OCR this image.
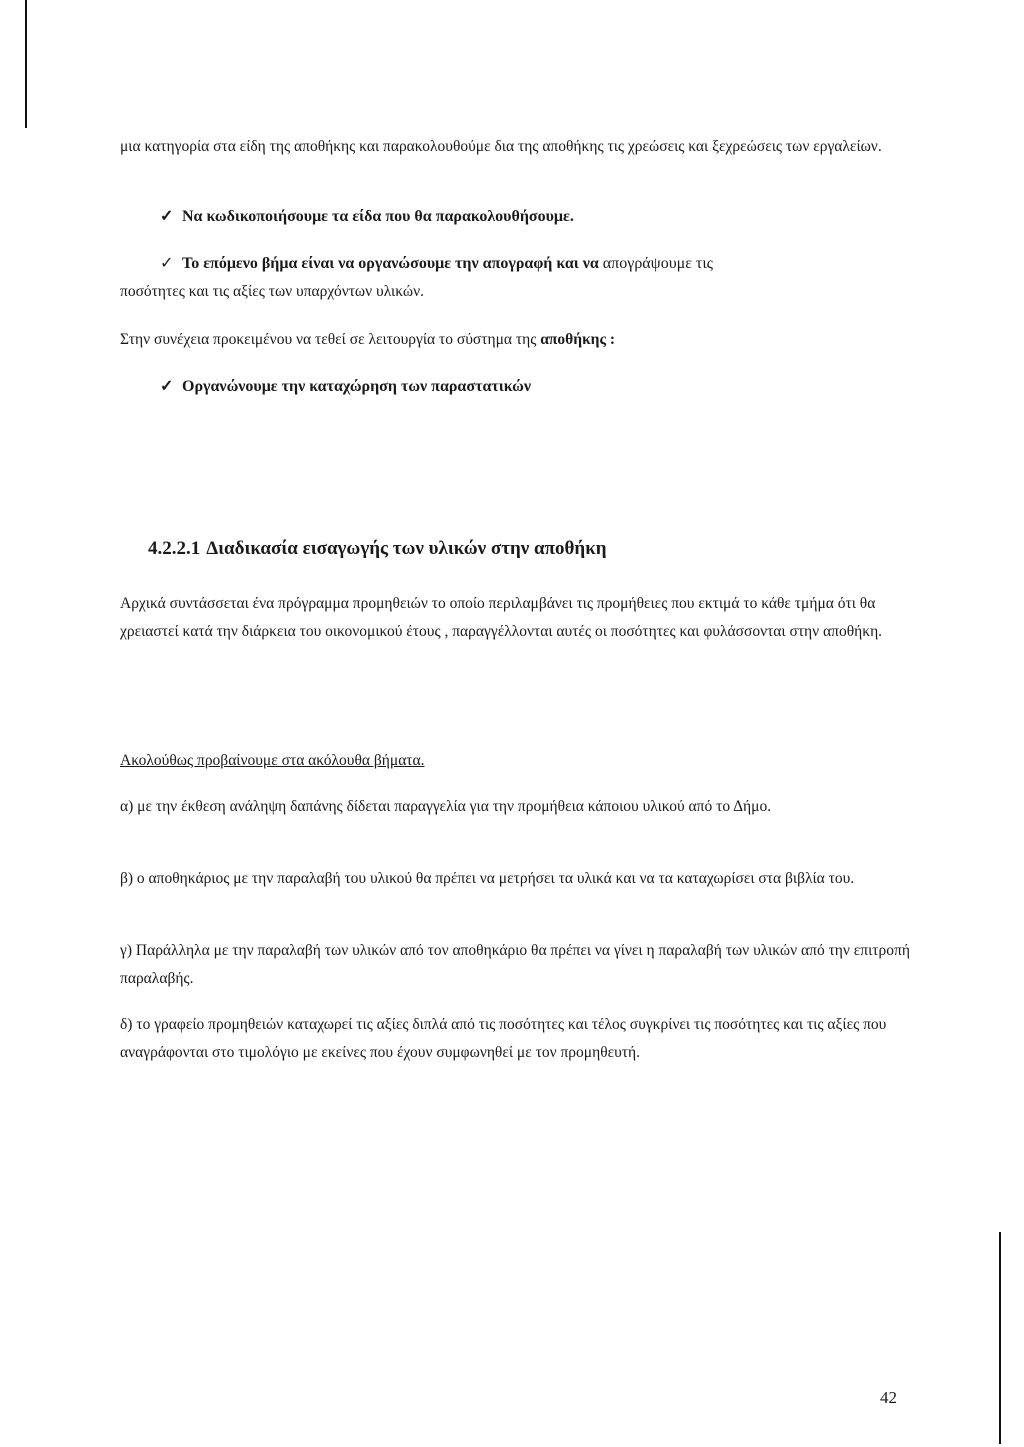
μια κατηγορία στα είδη της αποθήκης και παρακολουθούμε δια της αποθήκης τις χρεώσεις και ξεχρεώσεις των εργαλείων.

✓ Να κωδικοποιήσουμε τα είδα που θα παρακολουθήσουμε.

✓ Το επόμενο βήμα είναι να οργανώσουμε την απογραφή και να απογράψουμε τις

ποσότητες και τις αξίες των υπαρχόντων υλικών.

Στην συνέχεια προκειμένου να τεθεί σε λειτουργία το σύστημα της αποθήκης :

✓ Οργανώνουμε την καταχώρηση των παραστατικών

4.2.2.1 Διαδικασία εισαγωγής των υλικών στην αποθήκη

Αρχικά συντάσσεται ένα πρόγραμμα προμηθειών το οποίο περιλαμβάνει τις προμήθειες που εκτιμά το κάθε τμήμα ότι θα χρειαστεί κατά την διάρκεια του οικονομικού έτους , παραγγέλλονται αυτές οι ποσότητες και φυλάσσονται στην αποθήκη.

Ακολούθως προβαίνουμε στα ακόλουθα βήματα.

α) με την έκθεση ανάληψη δαπάνης δίδεται παραγγελία για την προμήθεια κάποιου υλικού από το Δήμο.

β) ο αποθηκάριος με την παραλαβή του υλικού θα πρέπει να μετρήσει τα υλικά και να τα καταχωρίσει στα βιβλία του.

γ) Παράλληλα με την παραλαβή των υλικών από τον αποθηκάριο θα πρέπει να γίνει η παραλαβή των υλικών από την επιτροπή παραλαβής.

δ) το γραφείο προμηθειών καταχωρεί τις αξίες διπλά από τις ποσότητες και τέλος συγκρίνει τις ποσότητες και τις αξίες που αναγράφονται στο τιμολόγιο με εκείνες που έχουν συμφωνηθεί με τον προμηθευτή.

42
